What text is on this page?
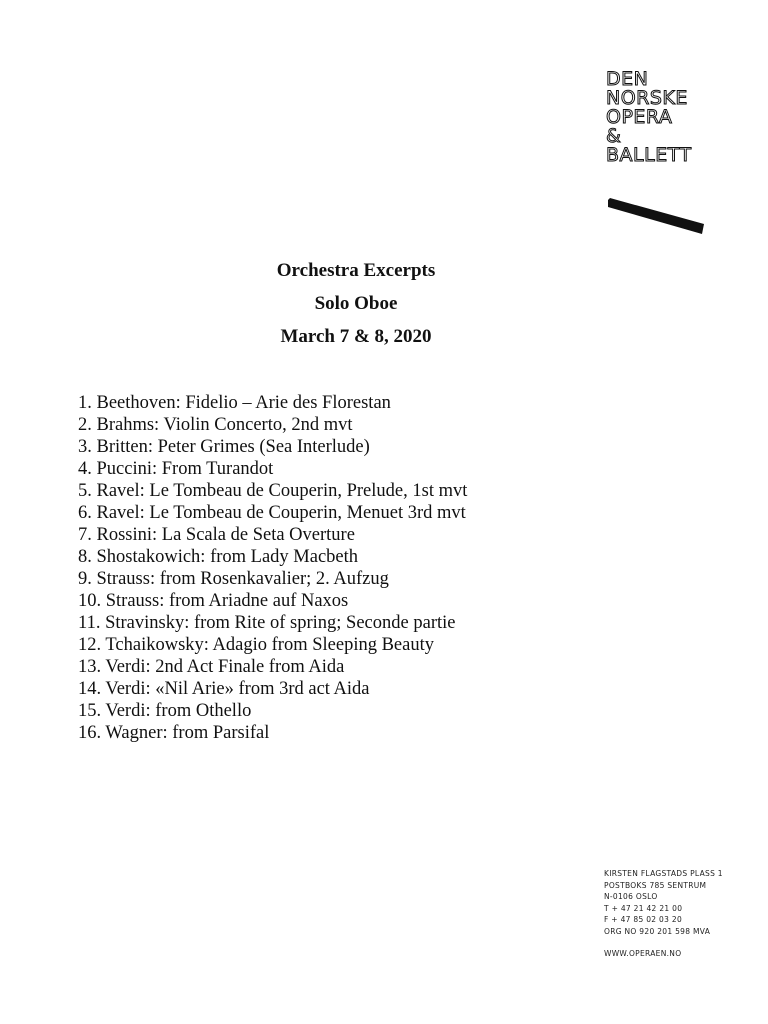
DEN
NORSKE
OPERA
&
BALLETT
Orchestra Excerpts
Solo Oboe
March 7 & 8, 2020
1. Beethoven: Fidelio – Arie des Florestan
2. Brahms: Violin Concerto, 2nd mvt
3. Britten: Peter Grimes (Sea Interlude)
4. Puccini: From Turandot
5. Ravel: Le Tombeau de Couperin, Prelude, 1st mvt
6. Ravel: Le Tombeau de Couperin, Menuet 3rd mvt
7. Rossini: La Scala de Seta Overture
8. Shostakowich: from Lady Macbeth
9. Strauss: from Rosenkavalier; 2. Aufzug
10. Strauss: from Ariadne auf Naxos
11. Stravinsky: from Rite of spring; Seconde partie
12. Tchaikowsky: Adagio from Sleeping Beauty
13. Verdi: 2nd Act Finale from Aida
14. Verdi: «Nil Arie» from 3rd act Aida
15. Verdi: from Othello
16. Wagner: from Parsifal
KIRSTEN FLAGSTADS PLASS 1
POSTBOKS 785 SENTRUM
N-0106 OSLO
T + 47 21 42 21 00
F + 47 85 02 03 20
ORG NO 920 201 598 MVA
WWW.OPERAEN.NO
